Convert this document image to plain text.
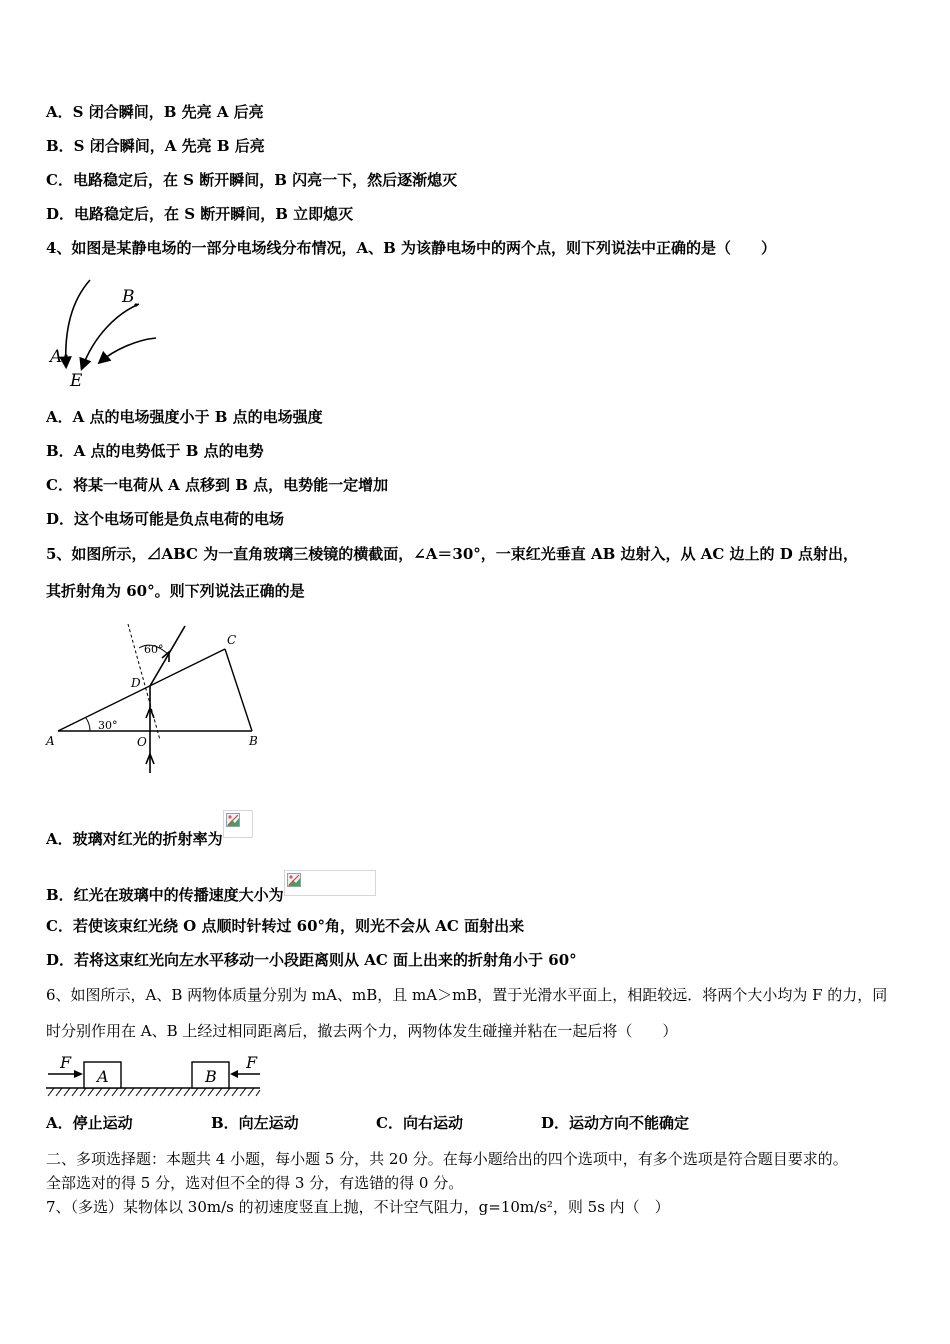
A．S 闭合瞬间，B 先亮 A 后亮
B．S 闭合瞬间，A 先亮 B 后亮
C．电路稳定后，在 S 断开瞬间，B 闪亮一下，然后逐渐熄灭
D．电路稳定后，在 S 断开瞬间，B 立即熄灭
4、如图是某静电场的一部分电场线分布情况，A、B 为该静电场中的两个点，则下列说法中正确的是（　　）
A
B
E
A．A 点的电场强度小于 B 点的电场强度
B．A 点的电势低于 B 点的电势
C．将某一电荷从 A 点移到 B 点，电势能一定增加
D．这个电场可能是负点电荷的电场
5、如图所示，⊿ABC 为一直角玻璃三棱镜的横截面，∠A＝30°，一束红光垂直 AB 边射入，从 AC 边上的 D 点射出，
其折射角为 60°。则下列说法正确的是
A	B
C
D
O
30°
60°
A．玻璃对红光的折射率为
B．红光在玻璃中的传播速度大小为
C．若使该束红光绕 O 点顺时针转过 60°角，则光不会从 AC 面射出来
D．若将这束红光向左水平移动一小段距离则从 AC 面上出来的折射角小于 60°
6、如图所示，A、B 两物体质量分别为 mA、mB，且 mA＞mB，置于光滑水平面上，相距较远．将两个大小均为 F 的力，同
时分别作用在 A、B 上经过相同距离后，撤去两个力，两物体发生碰撞并粘在一起后将（　　）
F	F
A	B
A．停止运动	B．向左运动	C．向右运动	D．运动方向不能确定
二、多项选择题：本题共 4 小题，每小题 5 分，共 20 分。在每小题给出的四个选项中，有多个选项是符合题目要求的。
全部选对的得 5 分，选对但不全的得 3 分，有选错的得 0 分。
7、（多选）某物体以 30m/s 的初速度竖直上抛，不计空气阻力，g=10m/s²，则 5s 内（　）
